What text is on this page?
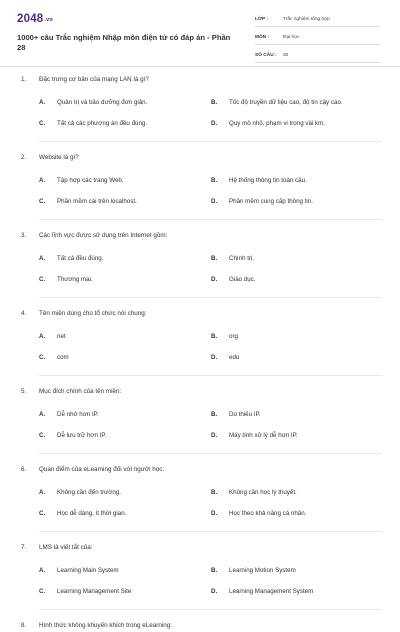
2048.vn
1000+ câu Trắc nghiệm Nhập môn điện tử có đáp án - Phần 28
LỚP :	Trắc nghiệm tổng hợp
MÔN :	Đại học
SỐ CÂU :	30
1.	Đặc trưng cơ bản của mạng LAN là gì?
A.	Quản trị và bảo dưỡng đơn giản.	B.	Tốc độ truyền dữ liệu cao, độ tin cậy cao.
C.	Tất cả các phương án đều đúng.	D.	Quy mô nhỏ, phạm vi trong vài km.
2.	Website là gì?
A.	Tập hợp các trang Web.	B.	Hệ thống thông tin toàn cầu.
C.	Phần mềm cài trên localhost.	D.	Phần mềm cung cấp thông tin.
3.	Các lĩnh vực được sử dụng trên Internet gồm:
A.	Tất cả đều đúng.	B.	Chính trị.
C.	Thương mại.	D.	Giáo dục.
4.	Tên miền dùng cho tổ chức nói chung:
A.	net	B.	org
C.	com	D.	edu
5.	Mục đích chính của tên miền:
A.	Dễ nhớ hơn IP.	B.	Do thiếu IP.
C.	Dễ lưu trữ hơn IP.	D.	Máy tính xử lý dễ hơn IP.
6.	Quan điểm của eLearning đối với người học:
A.	Không cần đến trường.	B.	Không cần học lý thuyết.
C.	Học dễ dàng, ít thời gian.	D.	Học theo khả năng cá nhân.
7.	LMS là viết tắt của:
A.	Learning Main System	B.	Learning Motion System
C.	Learning Management Site	D.	Learning Management System
8.	Hình thức không khuyến khích trong eLearning:
